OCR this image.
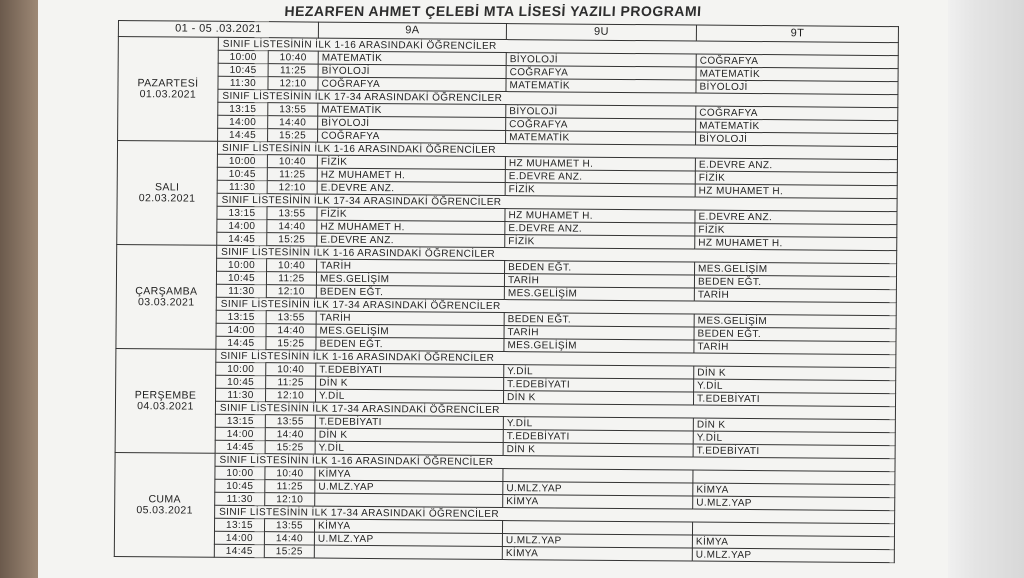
HEZARFEN AHMET ÇELEBİ MTA LİSESİ YAZILI PROGRAMI
01 - 05 .03.2021			9A	9U	9T

PAZARTESİ
01.03.2021	SINIF LİSTESİNİN İLK 1-16 ARASINDAKİ ÖĞRENCİLER				
	10:00	10:40	MATEMATİK	BİYOLOJİ	COĞRAFYA
	10:45	11:25	BİYOLOJİ	COĞRAFYA	MATEMATİK
	11:30	12:10	COĞRAFYA	MATEMATİK	BİYOLOJİ
	SINIF LİSTESİNİN İLK 17-34 ARASINDAKİ ÖĞRENCİLER				
	13:15	13:55	MATEMATİK	BİYOLOJİ	COĞRAFYA
	14:00	14:40	BİYOLOJİ	COĞRAFYA	MATEMATİK
	14:45	15:25	COĞRAFYA	MATEMATİK	BİYOLOJİ

SALI
02.03.2021	SINIF LİSTESİNİN İLK 1-16 ARASINDAKİ ÖĞRENCİLER				
	10:00	10:40	FİZİK	HZ MUHAMET H.	E.DEVRE ANZ.
	10:45	11:25	HZ MUHAMET H.	E.DEVRE ANZ.	FİZİK
	11:30	12:10	E.DEVRE ANZ.	FİZİK	HZ MUHAMET H.
	SINIF LİSTESİNİN İLK 17-34 ARASINDAKİ ÖĞRENCİLER				
	13:15	13:55	FİZİK	HZ MUHAMET H.	E.DEVRE ANZ.
	14:00	14:40	HZ MUHAMET H.	E.DEVRE ANZ.	FİZİK
	14:45	15:25	E.DEVRE ANZ.	FİZİK	HZ MUHAMET H.

ÇARŞAMBA
03.03.2021	SINIF LİSTESİNİN İLK 1-16 ARASINDAKİ ÖĞRENCİLER				
	10:00	10:40	TARİH	BEDEN EĞT.	MES.GELİŞİM
	10:45	11:25	MES.GELİŞİM	TARİH	BEDEN EĞT.
	11:30	12:10	BEDEN EĞT.	MES.GELİŞİM	TARİH
	SINIF LİSTESİNİN İLK 17-34 ARASINDAKİ ÖĞRENCİLER				
	13:15	13:55	TARİH	BEDEN EĞT.	MES.GELİŞİM
	14:00	14:40	MES.GELİŞİM	TARİH	BEDEN EĞT.
	14:45	15:25	BEDEN EĞT.	MES.GELİŞİM	TARİH

PERŞEMBE
04.03.2021	SINIF LİSTESİNİN İLK 1-16 ARASINDAKİ ÖĞRENCİLER				
	10:00	10:40	T.EDEBİYATI	Y.DİL	DİN K
	10:45	11:25	DİN K	T.EDEBİYATI	Y.DİL
	11:30	12:10	Y.DİL	DİN K	T.EDEBİYATI
	SINIF LİSTESİNİN İLK 17-34 ARASINDAKİ ÖĞRENCİLER				
	13:15	13:55	T.EDEBİYATI	Y.DİL	DİN K
	14:00	14:40	DİN K	T.EDEBİYATI	Y.DİL
	14:45	15:25	Y.DİL	DİN K	T.EDEBİYATI

CUMA
05.03.2021	SINIF LİSTESİNİN İLK 1-16 ARASINDAKİ ÖĞRENCİLER				
	10:00	10:40	KİMYA		
	10:45	11:25	U.MLZ.YAP	U.MLZ.YAP	KİMYA
	11:30	12:10		KİMYA	U.MLZ.YAP
	SINIF LİSTESİNİN İLK 17-34 ARASINDAKİ ÖĞRENCİLER				
	13:15	13:55	KİMYA		
	14:00	14:40	U.MLZ.YAP	U.MLZ.YAP	KİMYA
	14:45	15:25		KİMYA	U.MLZ.YAP
